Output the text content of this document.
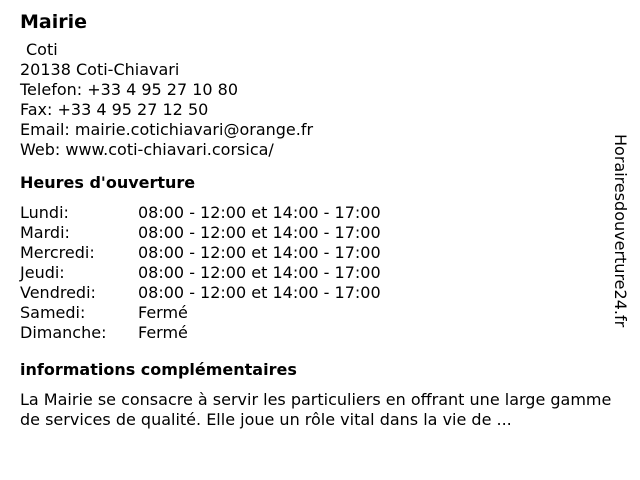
Mairie
Coti
20138 Coti-Chiavari
Telefon: +33 4 95 27 10 80
Fax: +33 4 95 27 12 50
Email: mairie.cotichiavari@orange.fr
Web: www.coti-chiavari.corsica/
Heures d'ouverture
Lundi:	08:00 - 12:00 et 14:00 - 17:00
Mardi:	08:00 - 12:00 et 14:00 - 17:00
Mercredi:	08:00 - 12:00 et 14:00 - 17:00
Jeudi:	08:00 - 12:00 et 14:00 - 17:00
Vendredi:	08:00 - 12:00 et 14:00 - 17:00
Samedi:	Fermé
Dimanche:	Fermé
informations complémentaires
La Mairie se consacre à servir les particuliers en offrant une large gamme de services de qualité. Elle joue un rôle vital dans la vie de ...
Horairesdouverture24.fr
